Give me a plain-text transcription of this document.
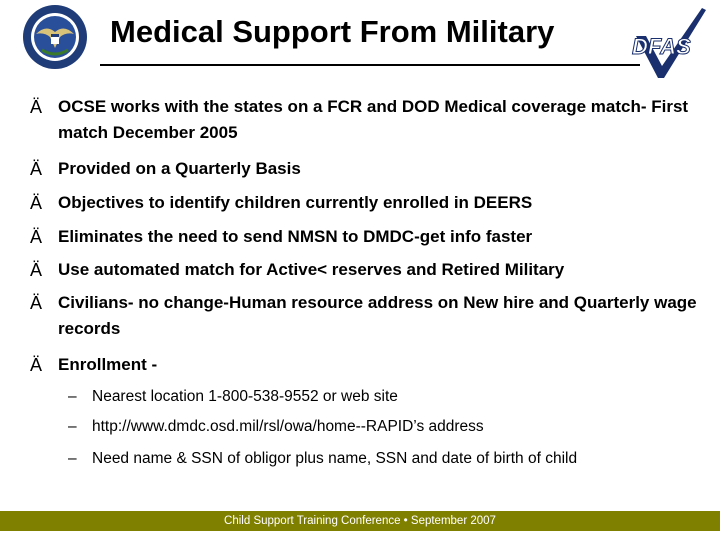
Medical Support From Military	DFAS
Ä OCSE works with the states on a FCR and DOD Medical coverage match- First match December 2005
Ä Provided on a Quarterly Basis
Ä Objectives to identify children currently enrolled in DEERS
Ä Eliminates the need to send NMSN to DMDC-get info faster
Ä Use automated match for Active< reserves and Retired Military
Ä Civilians- no change-Human resource address on New hire and Quarterly wage records
Ä Enrollment -
– Nearest location 1-800-538-9552 or web site
– http://www.dmdc.osd.mil/rsl/owa/home--RAPID’s address
– Need name & SSN of obligor plus name, SSN and date of birth of child
Child Support Training Conference • September 2007
